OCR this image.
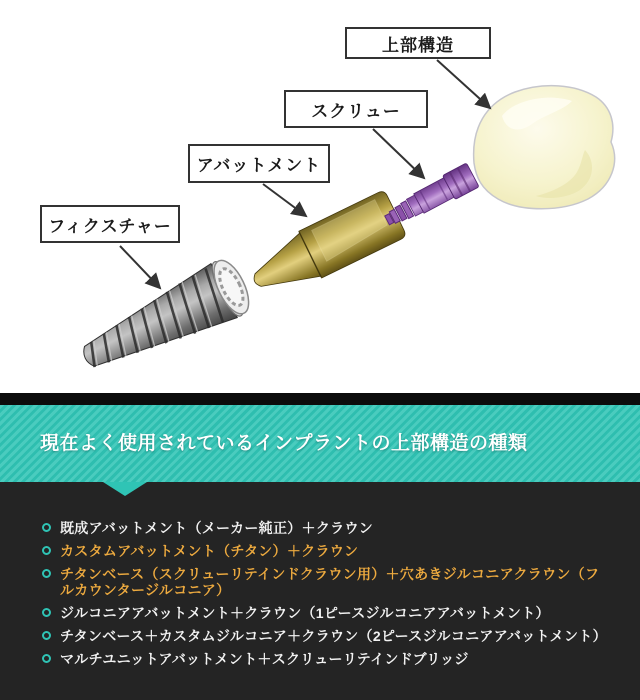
フィクスチャー
アバットメント
スクリュー
上部構造
現在よく使用されているインプラントの上部構造の種類
既成アバットメント（メーカー純正）＋クラウン
カスタムアバットメント（チタン）＋クラウン
チタンベース（スクリューリテインドクラウン用）＋穴あきジルコニアクラウン（フルカウンタージルコニア）
ジルコニアアバットメント＋クラウン（1ピースジルコニアアバットメント）
チタンベース＋カスタムジルコニア＋クラウン（2ピースジルコニアアバットメント）
マルチユニットアバットメント＋スクリューリテインドブリッジ
